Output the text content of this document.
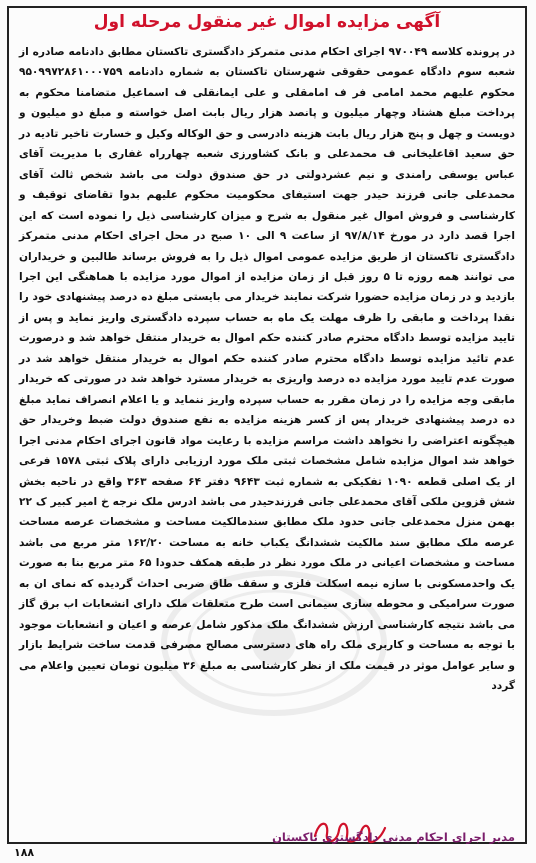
آگهی مزایده اموال غیر منقول مرحله اول

در پرونده کلاسه ۹۷۰۰۴۹ اجرای احکام مدنی متمرکز دادگستری تاکستان مطابق دادنامه صادره از شعبه سوم دادگاه عمومی حقوقی شهرستان تاکستان به شماره دادنامه ۹۵۰۹۹۷۲۸۶۱۰۰۰۷۵۹ محکوم علیهم محمد امامی فر ف امامقلی و علی ایمانقلی ف اسماعیل متضامنا محکوم به پرداخت مبلغ هشتاد وچهار میلیون و پانصد هزار ریال بابت اصل خواسته و مبلغ دو میلیون و دویست و چهل و پنج هزار ریال بابت هزینه دادرسی و حق الوکاله وکیل و خسارت تاخیر تادیه در حق سعید اقاعلیخانی ف محمدعلی و بانک کشاورزی شعبه چهارراه غفاری با مدیریت آقای عباس یوسفی رامندی و نیم عشردولتی در حق صندوق دولت می باشد شخص ثالث آقای محمدعلی جانی فرزند حیدر جهت استیفای محکومیت محکوم علیهم بدوا تقاضای توقیف و کارشناسی و فروش اموال غیر منقول به شرح و میزان کارشناسی ذیل را نموده است که این اجرا قصد دارد در مورخ ۹۷/۸/۱۴ از ساعت ۹ الی ۱۰ صبح در محل اجرای احکام مدنی متمرکز دادگستری تاکستان از طریق مزایده عمومی اموال ذیل را به فروش برساند طالبین و خریداران می توانند همه روزه تا ۵ روز قبل از زمان مزایده از اموال مورد مزایده با هماهنگی این اجرا بازدید و در زمان مزایده حضورا شرکت نمایند خریدار می بایستی مبلغ ده درصد پیشنهادی خود را نقدا پرداخت و مابقی را ظرف مهلت یک ماه به حساب سپرده دادگستری واریز نماید و پس از تایید مزایده توسط دادگاه محترم صادر کننده حکم اموال به خریدار منتقل خواهد شد و درصورت عدم تائید مزایده توسط دادگاه محترم صادر کننده حکم اموال به خریدار منتقل خواهد شد در صورت عدم تایید مورد مزایده ده درصد واریزی به خریدار مسترد خواهد شد در صورتی که خریدار مابقی وجه مزایده را در زمان مقرر به حساب سپرده واریز ننماید و یا اعلام انصراف نماید مبلغ ده درصد پیشنهادی خریدار پس از کسر هزینه مزایده به نفع صندوق دولت ضبط وخریدار حق هیچگونه اعتراضی را نخواهد داشت مراسم مزایده با رعایت مواد قانون اجرای احکام مدنی اجرا خواهد شد اموال مزایده شامل مشخصات ثبتی ملک مورد ارزیابی دارای پلاک ثبتی ۱۵۷۸ فرعی از یک اصلی قطعه ۱۰۹۰ تفکیکی به شماره ثبت ۹۶۴۳ دفتر ۶۴ صفحه ۳۶۳ واقع در ناحیه بخش شش قزوین ملکی آقای محمدعلی جانی فرزندحیدر می باشد ادرس ملک نرجه خ امیر کبیر ک ۲۲ بهمن منزل محمدعلی جانی حدود ملک مطابق سندمالکیت مساحت و مشخصات عرصه مساحت عرصه ملک مطابق سند مالکیت ششدانگ یکباب خانه به مساحت ۱۶۲/۲۰ متر مربع می باشد مساحت و مشخصات اعیانی در ملک مورد نظر در طبقه همکف حدودا ۶۵ متر مربع بنا به صورت یک واحدمسکونی با سازه نیمه اسکلت فلزی و سقف طاق ضربی احداث گردیده که نمای ان به صورت سرامیکی و محوطه سازی سیمانی است طرح متعلقات ملک دارای انشعابات اب برق گاز می باشد نتیجه کارشناسی ارزش ششدانگ ملک مذکور شامل عرصه و اعیان و انشعابات موجود با توجه به مساحت و کاربری ملک راه های دسترسی مصالح مصرفی قدمت ساخت شرایط بازار و سایر عوامل موثر در قیمت ملک از نظر کارشناسی به مبلغ ۳۶ میلیون تومان تعیین واعلام می گردد

مدیر اجرای احکام مدنی دادگستری تاکستان
۱۸۸
